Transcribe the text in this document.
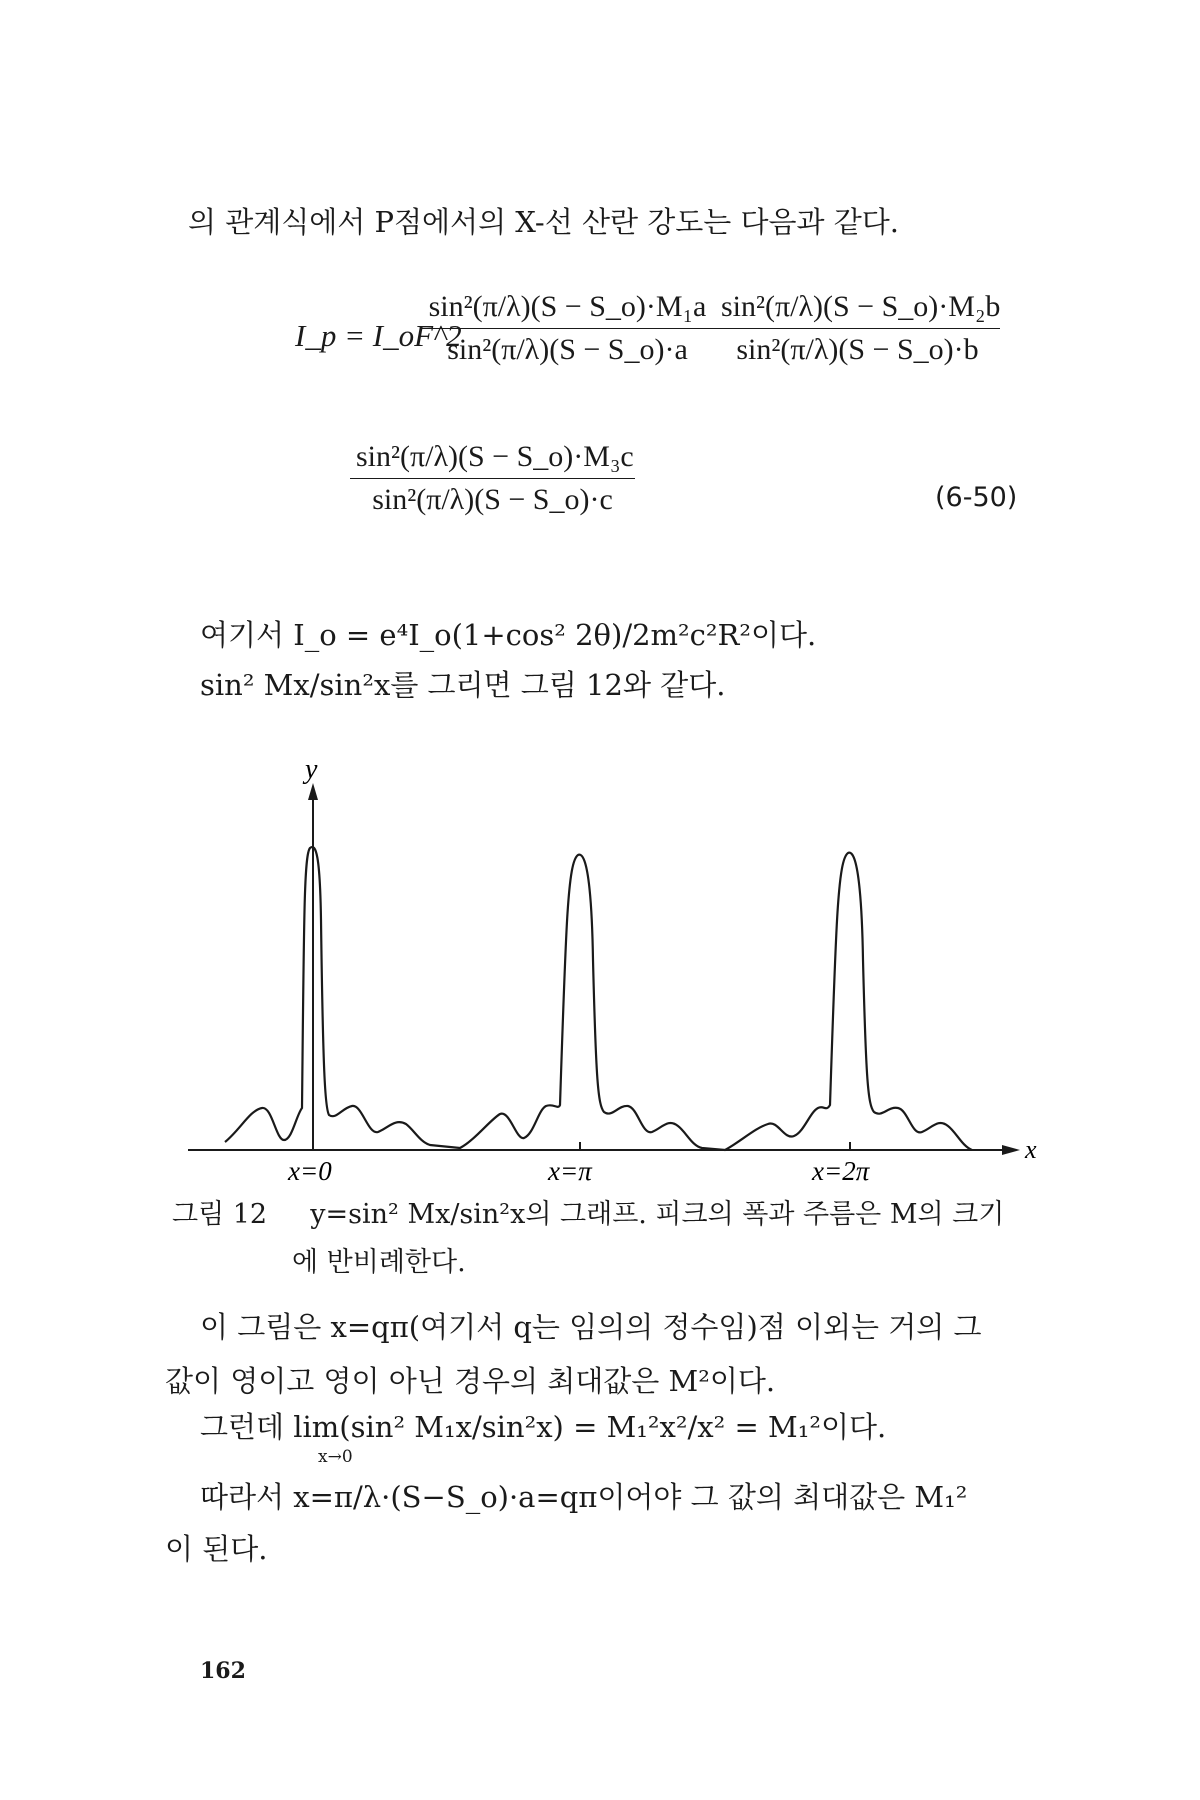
의 관계식에서 P점에서의 X-선 산란 강도는 다음과 같다.
I_p = I_oF^2
sin²(π/λ)(S − S_o)·M₁a
sin²(π/λ)(S − S_o)·a
sin²(π/λ)(S − S_o)·M₂b
sin²(π/λ)(S − S_o)·b
sin²(π/λ)(S − S_o)·M₃c
sin²(π/λ)(S − S_o)·c	(6-50)
여기서 I_o = e⁴I_o(1+cos² 2θ)/2m²c²R²이다.
sin² Mx/sin²x를 그리면 그림 12와 같다.
y
x
x=0	x=π	x=2π
그림 12 y=sin² Mx/sin²x의 그래프. 피크의 폭과 주름은 M의 크기
에 반비례한다.
이 그림은 x=qπ(여기서 q는 임의의 정수임)점 이외는 거의 그
값이 영이고 영이 아닌 경우의 최대값은 M²이다.
그런데 lim(sin² M₁x/sin²x) = M₁²x²/x² = M₁²이다.
x→0
따라서 x=π/λ·(S−S_o)·a=qπ이어야 그 값의 최대값은 M₁²
이 된다.
162
